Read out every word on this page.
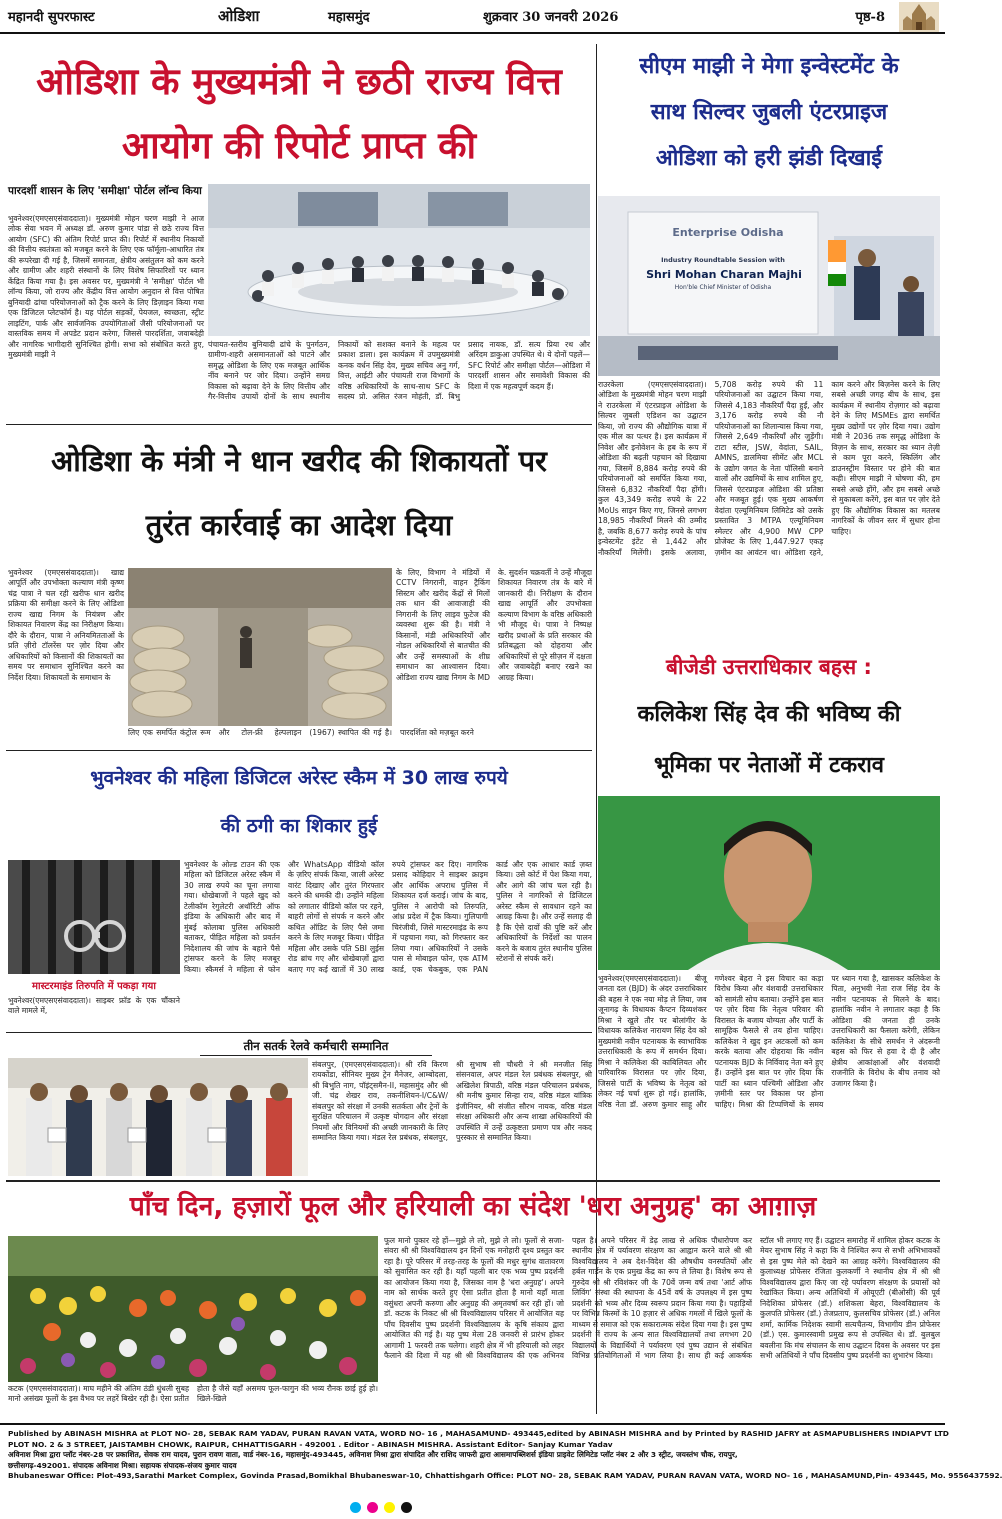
महानदी सुपरफास्ट	ओडिशा	महासमुंद	शुक्रवार 30 जनवरी 2026	पृष्ठ-8
ओडिशा के मुख्यमंत्री ने छठी राज्य वित्त
आयोग की रिपोर्ट प्राप्त की
पारदर्शी शासन के लिए 'समीक्षा' पोर्टल लॉन्च किया
भुवनेश्वर(एमएसएसंवाददाता)। मुख्यमंत्री मोहन चरण माझी ने आज लोक सेवा भवन में अध्यक्ष डॉ. अरुण कुमार पांडा से छठे राज्य वित्त आयोग (SFC) की अंतिम रिपोर्ट प्राप्त की। रिपोर्ट में स्थानीय निकायों की वित्तीय स्वतंत्रता को मजबूत करने के लिए एक फॉर्मूला-आधारित तंत्र की रूपरेखा दी गई है, जिसमें समानता, क्षेत्रीय असंतुलन को कम करने और ग्रामीण और शहरी संस्थानों के लिए विशेष सिफारिशों पर ध्यान केंद्रित किया गया है। इस अवसर पर, मुख्यमंत्री ने 'समीक्षा' पोर्टल भी लॉन्च किया, जो राज्य और केंद्रीय वित्त आयोग अनुदान से वित्त पोषित बुनियादी ढांचा परियोजनाओं को ट्रैक करने के लिए डिज़ाइन किया गया एक डिजिटल प्लेटफॉर्म है। यह पोर्टल सड़कों, पेयजल, स्वच्छता, स्ट्रीट लाइटिंग, पार्क और सार्वजनिक उपयोगिताओं जैसी परियोजनाओं पर वास्तविक समय में अपडेट प्रदान करेगा, जिससे पारदर्शिता, जवाबदेही और नागरिक भागीदारी सुनिश्चित होगी। सभा को संबोधित करते हुए, मुख्यमंत्री माझी ने
पंचायत-स्तरीय बुनियादी ढांचे के पुनर्गठन, ग्रामीण-शहरी असमानताओं को पाटने और समृद्ध ओडिशा के लिए एक मजबूत आर्थिक नींव बनाने पर जोर दिया। उन्होंने समग्र विकास को बढ़ावा देने के लिए वित्तीय और गैर-वित्तीय उपायों दोनों के साथ स्थानीय निकायों को सशक्त बनाने के महत्व पर प्रकाश डाला। इस कार्यक्रम में उपमुख्यमंत्री कनक वर्धन सिंह देव, मुख्य सचिव अनु गर्ग, वित्त, आईटी और पंचायती राज विभागों के वरिष्ठ अधिकारियों के साथ-साथ SFC के सदस्य प्रो. असित रंजन मोहंती, डॉ. बिभु प्रसाद नायक, डॉ. सत्य प्रिया रथ और अरिंदम डाकुआ उपस्थित थे। ये दोनों पहलें—SFC रिपोर्ट और समीक्षा पोर्टल—ओडिशा में पारदर्शी शासन और समावेशी विकास की दिशा में एक महत्वपूर्ण कदम हैं।
सीएम माझी ने मेगा इन्वेस्टमेंट के
साथ सिल्वर जुबली एंटरप्राइज
ओडिशा को हरी झंडी दिखाई
Enterprise Odisha
Industry Roundtable Session with
Shri Mohan Charan Majhi
Hon'ble Chief Minister of Odisha
राउरकेला (एमएसएसंवाददाता)। ओडिशा के मुख्यमंत्री मोहन चरण माझी ने राउरकेला में एंटरप्राइज ओडिशा के सिल्वर जुबली एडिशन का उद्घाटन किया, जो राज्य की औद्योगिक यात्रा में एक मील का पत्थर है। इस कार्यक्रम में निवेश और इनोवेशन के हब के रूप में ओडिशा की बढ़ती पहचान को दिखाया गया, जिसमें 8,884 करोड़ रुपये की परियोजनाओं को समर्पित किया गया, जिससे 6,832 नौकरियाँ पैदा होंगी। कुल 43,349 करोड़ रुपये के 22 MoUs साइन किए गए, जिनसे लगभग 18,985 नौकरियाँ मिलने की उम्मीद है, जबकि 8,677 करोड़ रुपये के पांच इन्वेस्टमेंट इंटेंट से 1,442 और नौकरियाँ मिलेंगी। इसके अलावा, 5,708 करोड़ रुपये की 11 परियोजनाओं का उद्घाटन किया गया, जिससे 4,183 नौकरियाँ पैदा हुईं, और 3,176 करोड़ रुपये की नौ परियोजनाओं का शिलान्यास किया गया, जिससे 2,649 नौकरियाँ और जुड़ेंगी। टाटा स्टील, JSW, वेदांता, SAIL, AMNS, डालमिया सीमेंट और MCL के उद्योग जगत के नेता पॉलिसी बनाने वालों और उद्यमियों के साथ शामिल हुए, जिससे एंटरप्राइज ओडिशा की प्रतिष्ठा और मजबूत हुई। एक मुख्य आकर्षण वेदांता एल्यूमिनियम लिमिटेड को उसके प्रस्तावित 3 MTPA एल्यूमिनियम स्मेल्टर और 4,900 MW CPP प्रोजेक्ट के लिए 1,447.927 एकड़ ज़मीन का आवंटन था। ओडिशा रहने, काम करने और बिज़नेस करने के लिए सबसे अच्छी जगह बीच के साथ, इस कार्यक्रम में स्थानीय रोज़गार को बढ़ावा देने के लिए MSMEs द्वारा समर्थित मुख्य उद्योगों पर ज़ोर दिया गया। उद्योग मंत्री ने 2036 तक समृद्ध ओडिशा के विज़न के साथ, सरकार का ध्यान तेज़ी से काम पूरा करने, स्किलिंग और डाउनस्ट्रीम विस्तार पर होने की बात कही। सीएम माझी ने घोषणा की, हम सबसे अच्छे होंगे, और हम सबसे अच्छे से मुकाबला करेंगे, इस बात पर ज़ोर देते हुए कि औद्योगिक विकास का मतलब नागरिकों के जीवन स्तर में सुधार होना चाहिए।
ओडिशा के मंत्री ने धान खरीद की शिकायतों पर
तुरंत कार्रवाई का आदेश दिया
भुवनेश्वर (एमएससंवाददाता)। खाद्य आपूर्ति और उपभोक्ता कल्याण मंत्री कृष्ण चंद्र पात्रा ने चल रही खरीफ धान खरीद प्रक्रिया की समीक्षा करने के लिए ओडिशा राज्य खाद्य निगम के नियंत्रण और शिकायत निवारण केंद्र का निरीक्षण किया। दौरे के दौरान, पात्रा ने अनियमितताओं के प्रति ज़ीरो टॉलरेंस पर ज़ोर दिया और अधिकारियों को किसानों की शिकायतों का समय पर समाधान सुनिश्चित करने का निर्देश दिया। शिकायतों के समाधान के
लिए एक समर्पित कंट्रोल रूम और टोल-फ्री हेल्पलाइन (1967) स्थापित की गई है। पारदर्शिता को मज़बूत करने
के लिए, विभाग ने मंडियों में CCTV निगरानी, वाहन ट्रैकिंग सिस्टम और खरीद केंद्रों से मिलों तक धान की आवाजाही की निगरानी के लिए लाइव फुटेज की व्यवस्था शुरू की है। मंत्री ने किसानों, मंडी अधिकारियों और नोडल अधिकारियों से बातचीत की और उन्हें समस्याओं के शीघ्र समाधान का आश्वासन दिया। ओडिशा राज्य खाद्य निगम के MD के. सुदर्शन चक्रवर्ती ने उन्हें मौजूदा शिकायत निवारण तंत्र के बारे में जानकारी दी। निरीक्षण के दौरान खाद्य आपूर्ति और उपभोक्ता कल्याण विभाग के वरिष्ठ अधिकारी भी मौजूद थे। पात्रा ने निष्पक्ष खरीद प्रथाओं के प्रति सरकार की प्रतिबद्धता को दोहराया और अधिकारियों से पूरे सीज़न में दक्षता और जवाबदेही बनाए रखने का आग्रह किया।
भुवनेश्वर की महिला डिजिटल अरेस्ट स्कैम में 30 लाख रुपये
की ठगी का शिकार हुई
मास्टरमाइंड तिरुपति में पकड़ा गया
भुवनेश्वर(एमएसएसंवाददाता)। साइबर फ्रॉड के एक चौंकाने वाले मामले में,
भुवनेश्वर के ओल्ड टाउन की एक महिला को डिजिटल अरेस्ट स्कैम में 30 लाख रुपये का चूना लगाया गया। धोखेबाजों ने पहले खुद को टेलीकॉम रेगुलेटरी अथॉरिटी ऑफ इंडिया के अधिकारी और बाद में मुंबई कोलाबा पुलिस अधिकारी बताकर, पीड़ित महिला को प्रवर्तन निदेशालय की जांच के बहाने पैसे ट्रांसफर करने के लिए मजबूर किया। स्कैमर्स ने महिला से फोन और WhatsApp वीडियो कॉल के ज़रिए संपर्क किया, जाली अरेस्ट वारंट दिखाए और तुरंत गिरफ्तार करने की धमकी दी। उन्होंने महिला को लगातार वीडियो कॉल पर रहने, बाहरी लोगों से संपर्क न करने और कथित ऑडिट के लिए पैसे जमा करने के लिए मजबूर किया। पीड़ित महिला और उसके पति SBI लुईस रोड ब्रांच गए और धोखेबाज़ों द्वारा बताए गए कई खातों में 30 लाख रुपये ट्रांसफर कर दिए। नागरिक प्रसाद कोहिदार ने साइबर क्राइम और आर्थिक अपराध पुलिस में शिकायत दर्ज कराई। जांच के बाद, पुलिस ने आरोपी को तिरुपति, आंध्र प्रदेश में ट्रैक किया। गुलिपागी चिरंजीवी, जिसे मास्टरमाइंड के रूप में पहचाना गया, को गिरफ्तार कर लिया गया। अधिकारियों ने उसके पास से मोबाइल फोन, एक ATM कार्ड, एक चेकबुक, एक PAN कार्ड और एक आधार कार्ड ज़ब्त किया। उसे कोर्ट में पेश किया गया, और आगे की जांच चल रही है। पुलिस ने नागरिकों से डिजिटल अरेस्ट स्कैम से सावधान रहने का आग्रह किया है। और उन्हें सलाह दी है कि ऐसे दावों की पुष्टि करें और अधिकारियों के निर्देशों का पालन करने के बजाय तुरंत स्थानीय पुलिस स्टेशनों से संपर्क करें।
बीजेडी उत्तराधिकार बहस :
कलिकेश सिंह देव की भविष्य की
भूमिका पर नेताओं में टकराव
भुवनेश्वर(एमएसएसंवाददाता)। बीजू जनता दल (BJD) के अंदर उत्तराधिकार की बहस ने एक नया मोड़ ले लिया, जब जूनागढ़ के विधायक कैप्टन दिव्यशंकर मिश्रा ने खुले तौर पर बोलांगीर के विधायक कलिकेश नारायण सिंह देव को मुख्यमंत्री नवीन पटनायक के स्वाभाविक उत्तराधिकारी के रूप में समर्थन दिया। मिश्रा ने कलिकेश की काबिलियत और पारिवारिक विरासत पर ज़ोर दिया, जिससे पार्टी के भविष्य के नेतृत्व को लेकर नई चर्चा शुरू हो गई। हालांकि, वरिष्ठ नेता डॉ. अरुण कुमार साहू और गणेश्वर बेहरा ने इस विचार का कड़ा विरोध किया और वंशवादी उत्तराधिकार को सामंती सोच बताया। उन्होंने इस बात पर ज़ोर दिया कि नेतृत्व परिवार की विरासत के बजाय योग्यता और पार्टी के सामूहिक फैसले से तय होना चाहिए। कलिकेश ने खुद इन अटकलों को कम करके बताया और दोहराया कि नवीन पटनायक BJD के निर्विवाद नेता बने हुए हैं। उन्होंने इस बात पर ज़ोर दिया कि पार्टी का ध्यान पश्चिमी ओडिशा और ज़मीनी स्तर पर विकास पर होना चाहिए। मिश्रा की टिप्पणियों के समय पर ध्यान गया है, खासकर कलिकेश के पिता, अनुभवी नेता राज सिंह देव के नवीन पटनायक से मिलने के बाद। हालांकि नवीन ने लगातार कहा है कि ओडिशा की जनता ही उनके उत्तराधिकारी का फैसला करेगी, लेकिन कलिकेश के सीधे समर्थन ने अंदरूनी बहस को फिर से हवा दे दी है और क्षेत्रीय आकांक्षाओं और वंशवादी राजनीति के विरोध के बीच तनाव को उजागर किया है।
तीन सतर्क रेलवे कर्मचारी सम्मानित
संबलपुर, (एमएसएसंवाददाता)। श्री रवि किरण रायकोंडा, सीनियर मुख्य ट्रेन मैनेजर, आम्बोदला, श्री बिभुति नाग, पॉइंट्समैन-II, महासमुंद और श्री जी. चंद्र शेखर राव, तकनीशियन-I/C&W/संबलपुर को संरक्षा में उनकी सतर्कता और ट्रेनों के सुरक्षित परिचालन में उत्कृष्ट योगदान और संरक्षा नियमों और विनियमों की अच्छी जानकारी के लिए सम्मानित किया गया। मंडल रेल प्रबंधक, संबलपुर, श्री सुभाष सी चौधरी ने श्री मनजीत सिंह संसनवाल, अपर मंडल रेल प्रबंधक संबलपुर, श्री अखिलेश त्रिपाठी, वरिष्ठ मंडल परिचालन प्रबंधक, श्री मनीष कुमार सिन्हा राय, वरिष्ठ मंडल यांत्रिक इंजीनियर, श्री संजीत सौरभ नायक, वरिष्ठ मंडल संरक्षा अधिकारी और अन्य शाखा अधिकारियों की उपस्थिति में उन्हें उत्कृष्टता प्रमाण पत्र और नकद पुरस्कार से सम्मानित किया।
पाँच दिन, हज़ारों फूल और हरियाली का संदेश 'धरा अनुग्रह' का आग़ाज़
कटक (एमएससंवाददाता)। माघ महीने की अंतिम ठंडी धुंधली सुबह मानो असंख्य फूलों के इस वैभव पर लहरें बिखेर रही है। ऐसा प्रतीत होता है जैसे यहाँ असमय फूल-फागुन की भव्य रौनक छाई हुई हो। खिले-खिले
फूल मानो पुकार रहे हों—मुझे ले लो, मुझे ले लो। फूलों से सजा-संवरा श्री श्री विश्वविद्यालय इन दिनों एक मनोहारी दृश्य प्रस्तुत कर रहा है। पूरे परिसर में तरह-तरह के फूलों की मधुर सुगंध वातावरण को सुवासित कर रही है। यहाँ पहली बार एक भव्य पुष्प प्रदर्शनी का आयोजन किया गया है, जिसका नाम है 'धरा अनुग्रह'। अपने नाम को सार्थक करते हुए ऐसा प्रतीत होता है मानो यहाँ माता वसुंधरा अपनी करुणा और अनुग्रह की अमृतवर्षा कर रही हों। जो डॉ. कटक के निकट श्री श्री विश्वविद्यालय परिसर में आयोजित यह पाँच दिवसीय पुष्प प्रदर्शनी विश्वविद्यालय के कृषि संकाय द्वारा आयोजित की गई है। यह पुष्प मेला 28 जनवरी से प्रारंभ होकर आगामी 1 फरवरी तक चलेगा। शहरी क्षेत्र में भी हरियाली को लहर फैलाने की दिशा में यह श्री श्री विश्वविद्यालय की एक अभिनव पहल है। अपने परिसर में डेढ़ लाख से अधिक पौधारोपण कर स्थानीय क्षेत्र में पर्यावरण संरक्षण का आह्वान करने वाले श्री श्री विश्वविद्यालय ने अब देश-विदेश की औषधीय वनस्पतियों और हर्बल गार्डन के एक प्रमुख केंद्र का रूप ले लिया है। विशेष रूप से गुरुदेव श्री श्री रविशंकर जी के 70वें जन्म वर्ष तथा 'आर्ट ऑफ लिविंग' संस्था की स्थापना के 45वें वर्ष के उपलक्ष्य में इस पुष्प प्रदर्शनी को भव्य और दिव्य स्वरूप प्रदान किया गया है। पहाड़ियों पर विभिन्न किस्मों के 10 हज़ार से अधिक गमलों में खिले फूलों के माध्यम से समाज को एक सकारात्मक संदेश दिया गया है। इस पुष्प प्रदर्शनी में राज्य के अन्य सात विश्वविद्यालयों तथा लगभग 20 विद्यालयों के विद्यार्थियों ने पर्यावरण एवं पुष्प उद्यान से संबंधित विभिन्न प्रतियोगिताओं में भाग लिया है। साथ ही कई आकर्षक स्टॉल भी लगाए गए हैं। उद्घाटन समारोह में शामिल होकर कटक के मेयर सुभाष सिंह ने कहा कि वे निश्चित रूप से सभी अभिभावकों से इस पुष्प मेले को देखने का आग्रह करेंगे। विश्वविद्यालय की कुलाध्यक्ष प्रोफेसर रंजिता कुलकर्णी ने स्थानीय क्षेत्र में श्री श्री विश्वविद्यालय द्वारा किए जा रहे पर्यावरण संरक्षण के प्रयासों को रेखांकित किया। अन्य अतिथियों में ओयूएटी (बीओसी) की पूर्व निदेशिका प्रोफेसर (डॉ.) शशिकला बेहरा, विश्वविद्यालय के कुलपति प्रोफेसर (डॉ.) तेजप्रताप, कुलसचिव प्रोफेसर (डॉ.) अनिल शर्मा, कार्मिक निदेशक स्वामी सत्यचैतन्य, विभागीय डीन प्रोफेसर (डॉ.) एस. कुमारस्वामी प्रमुख रूप से उपस्थित थे। डॉ. बुलबुल बवलीना कि मंच संचालन के साथ उद्घाटन दिवस के अवसर पर इस सभी अतिथियों ने पाँच दिवसीय पुष्प प्रदर्शनी का शुभारंभ किया।
Published by ABINASH MISHRA at PLOT NO- 28, SEBAK RAM YADAV, PURAN RAVAN VATA, WORD NO- 16 , MAHASAMUND- 493445,edited by ABINASH MISHRA and by Printed by RASHID JAFRY at ASMAPUBLISHERS INDIAPVT LTD
PLOT NO. 2 & 3 STREET, JAISTAMBH CHOWK, RAIPUR, CHHATTISGARH - 492001 . Editor - ABINASH MISHRA. Assistant Editor- Sanjay Kumar Yadav
अविनाश मिश्रा द्वारा प्लॉट नंबर-28 पर प्रकाशित, सेवक राम यादव, पुरान रावण वाता, वार्ड नंबर-16, महासमुंद-493445, अविनाश मिश्रा द्वारा संपादित और राशिद जाफरी द्वारा आसमापब्लिशर्स इंडिया प्राइवेट लिमिटेड प्लॉट नंबर 2 और 3 स्ट्रीट, जयस्तंभ चौक, रायपुर,
छत्तीसगढ़-492001. संपादक अविनाश मिश्रा। सहायक संपादक-संजय कुमार यादव
Bhubaneswar Office: Plot-493,Sarathi Market Complex, Govinda Prasad,Bomikhal Bhubaneswar-10, Chhattishgarh Office: PLOT NO- 28, SEBAK RAM YADAV, PURAN RAVAN VATA, WORD NO- 16 , MAHASAMUND,Pin- 493445, Mo. 9556437592.
